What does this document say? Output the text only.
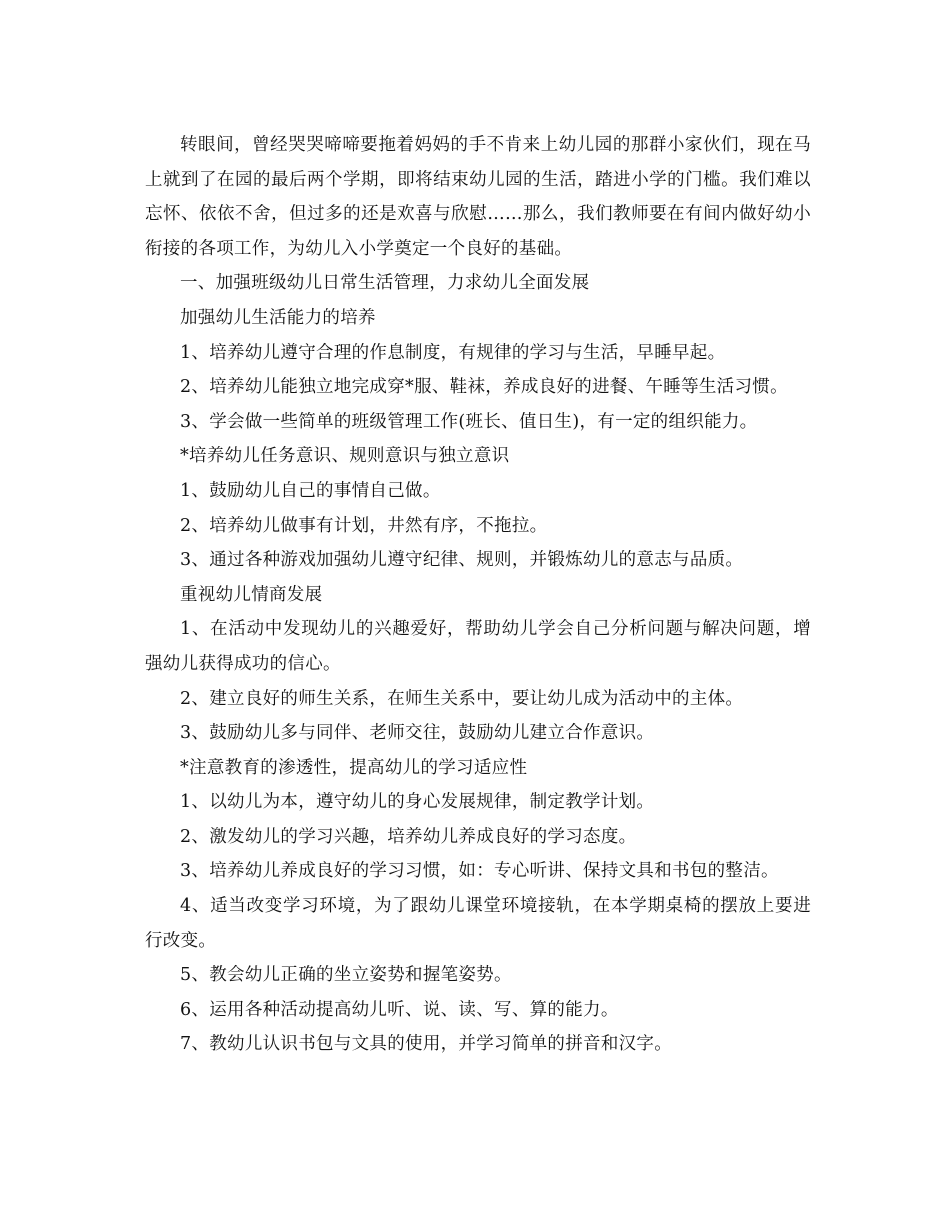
转眼间，曾经哭哭啼啼要拖着妈妈的手不肯来上幼儿园的那群小家伙们，现在马上就到了在园的最后两个学期，即将结束幼儿园的生活，踏进小学的门槛。我们难以忘怀、依依不舍，但过多的还是欢喜与欣慰……那么，我们教师要在有间内做好幼小衔接的各项工作，为幼儿入小学奠定一个良好的基础。

一、加强班级幼儿日常生活管理，力求幼儿全面发展

加强幼儿生活能力的培养

1、培养幼儿遵守合理的作息制度，有规律的学习与生活，早睡早起。

2、培养幼儿能独立地完成穿*服、鞋袜，养成良好的进餐、午睡等生活习惯。

3、学会做一些简单的班级管理工作(班长、值日生)，有一定的组织能力。

*培养幼儿任务意识、规则意识与独立意识

1、鼓励幼儿自己的事情自己做。

2、培养幼儿做事有计划，井然有序，不拖拉。

3、通过各种游戏加强幼儿遵守纪律、规则，并锻炼幼儿的意志与品质。

重视幼儿情商发展

1、在活动中发现幼儿的兴趣爱好，帮助幼儿学会自己分析问题与解决问题，增强幼儿获得成功的信心。

2、建立良好的师生关系，在师生关系中，要让幼儿成为活动中的主体。

3、鼓励幼儿多与同伴、老师交往，鼓励幼儿建立合作意识。

*注意教育的渗透性，提高幼儿的学习适应性

1、以幼儿为本，遵守幼儿的身心发展规律，制定教学计划。

2、激发幼儿的学习兴趣，培养幼儿养成良好的学习态度。

3、培养幼儿养成良好的学习习惯，如：专心听讲、保持文具和书包的整洁。

4、适当改变学习环境，为了跟幼儿课堂环境接轨，在本学期桌椅的摆放上要进行改变。

5、教会幼儿正确的坐立姿势和握笔姿势。

6、运用各种活动提高幼儿听、说、读、写、算的能力。

7、教幼儿认识书包与文具的使用，并学习简单的拼音和汉字。
